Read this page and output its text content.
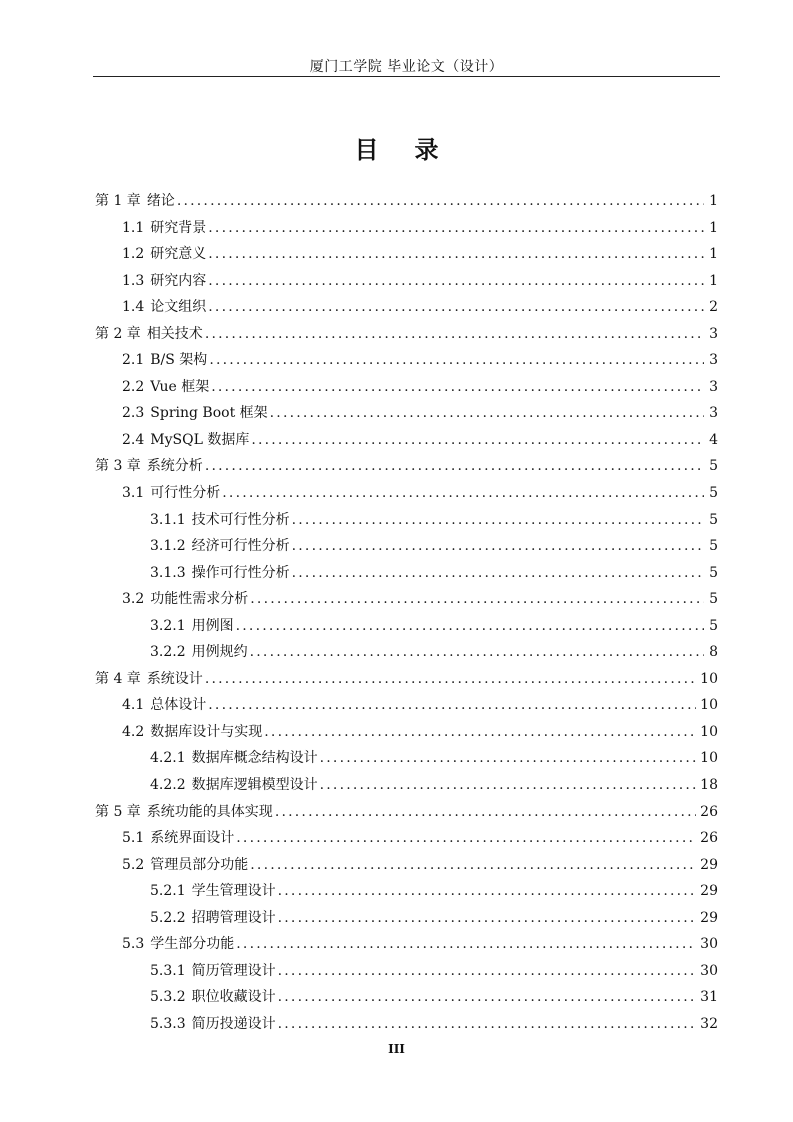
厦门工学院 毕业论文（设计）
目录
第 1 章 绪论 .....	1
1.1 研究背景 .....	1
1.2 研究意义 .....	1
1.3 研究内容 .....	1
1.4 论文组织 .....	2
第 2 章 相关技术 .....	3
2.1 B/S 架构 .....	3
2.2 Vue 框架 .....	3
2.3 Spring Boot 框架 .....	3
2.4 MySQL 数据库 .....	4
第 3 章 系统分析 .....	5
3.1 可行性分析 .....	5
3.1.1 技术可行性分析 .....	5
3.1.2 经济可行性分析 .....	5
3.1.3 操作可行性分析 .....	5
3.2 功能性需求分析 .....	5
3.2.1 用例图 .....	5
3.2.2 用例规约 .....	8
第 4 章 系统设计 .....	10
4.1 总体设计 .....	10
4.2 数据库设计与实现 .....	10
4.2.1 数据库概念结构设计 .....	10
4.2.2 数据库逻辑模型设计 .....	18
第 5 章 系统功能的具体实现 .....	26
5.1 系统界面设计 .....	26
5.2 管理员部分功能 .....	29
5.2.1 学生管理设计 .....	29
5.2.2 招聘管理设计 .....	29
5.3 学生部分功能 .....	30
5.3.1 简历管理设计 .....	30
5.3.2 职位收藏设计 .....	31
5.3.3 简历投递设计 .....	32
III
